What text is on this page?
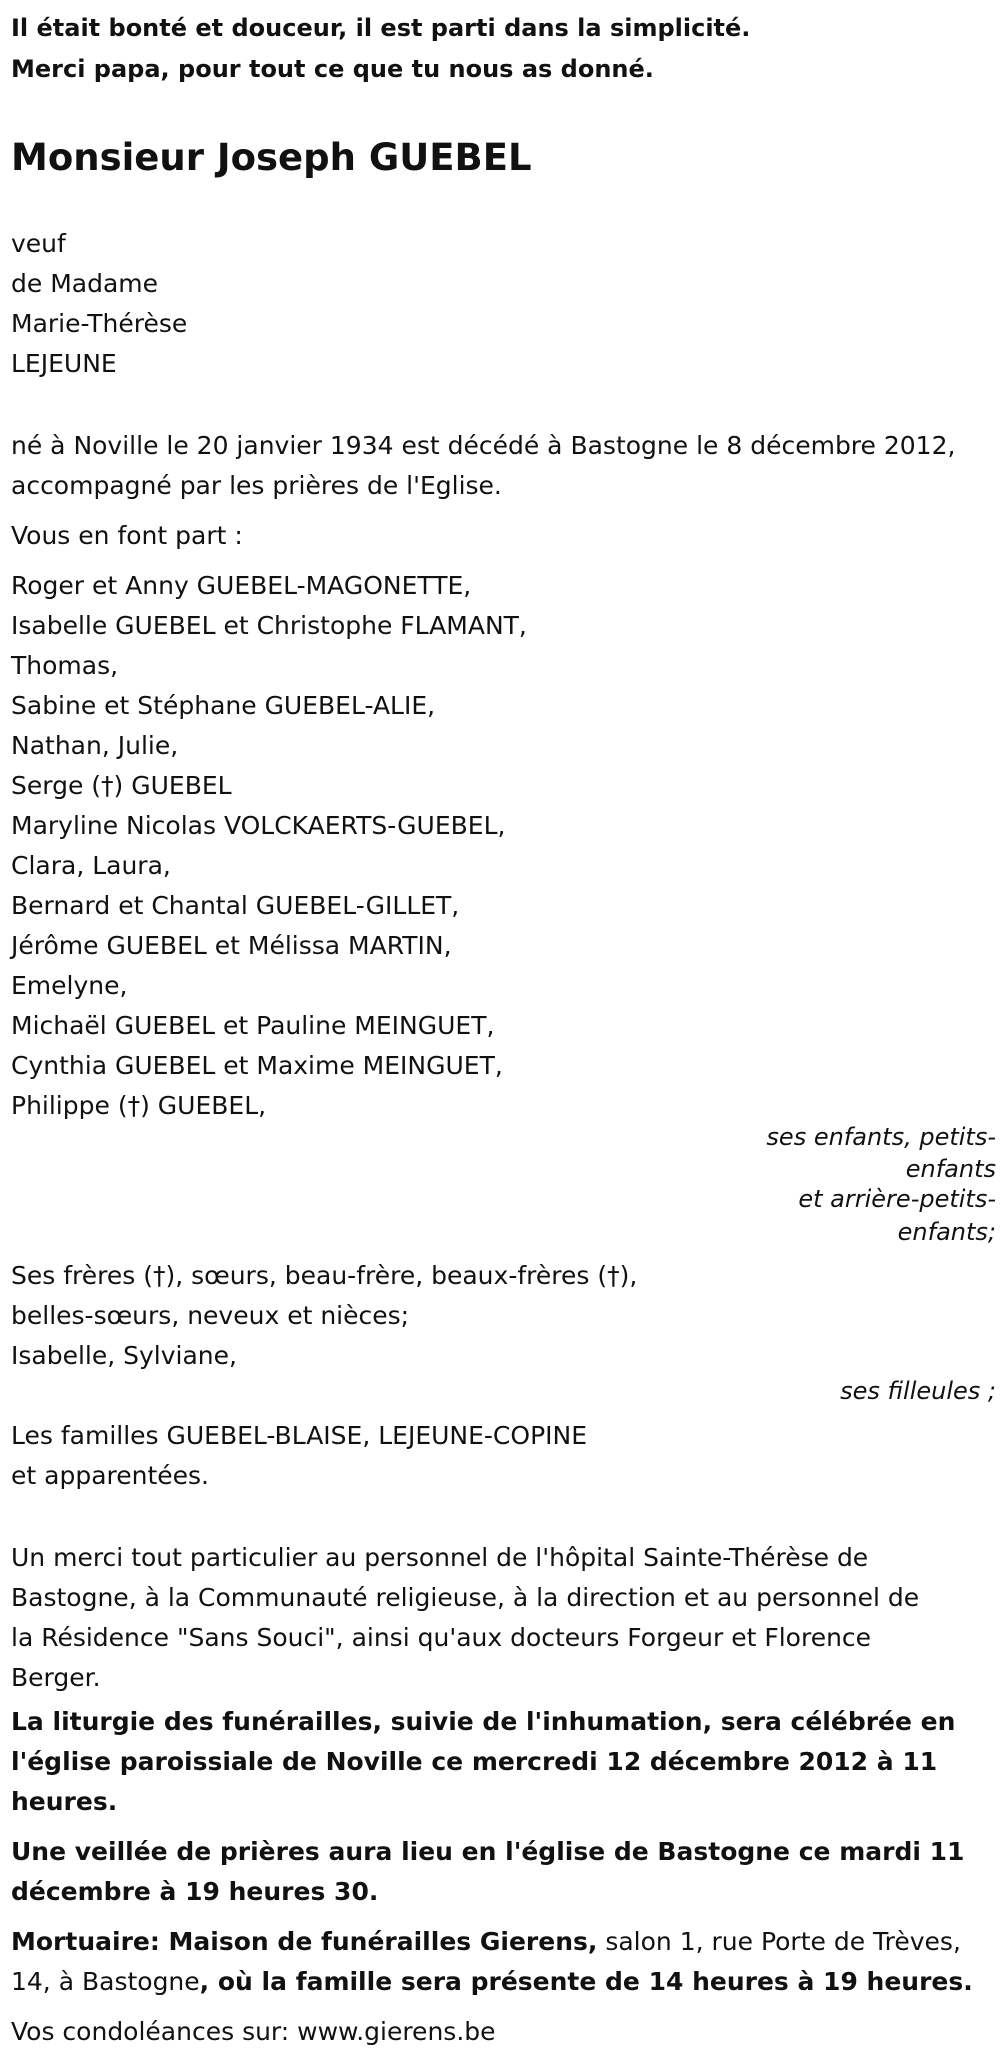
Il était bonté et douceur, il est parti dans la simplicité.
Merci papa, pour tout ce que tu nous as donné.
Monsieur Joseph GUEBEL
veuf
de Madame
Marie-Thérèse
LEJEUNE
né à Noville le 20 janvier 1934 est décédé à Bastogne le 8 décembre 2012,
accompagné par les prières de l'Eglise.
Vous en font part :
Roger et Anny GUEBEL-MAGONETTE,
Isabelle GUEBEL et Christophe FLAMANT,
Thomas,
Sabine et Stéphane GUEBEL-ALIE,
Nathan, Julie,
Serge (†) GUEBEL
Maryline Nicolas VOLCKAERTS-GUEBEL,
Clara, Laura,
Bernard et Chantal GUEBEL-GILLET,
Jérôme GUEBEL et Mélissa MARTIN,
Emelyne,
Michaël GUEBEL et Pauline MEINGUET,
Cynthia GUEBEL et Maxime MEINGUET,
Philippe (†) GUEBEL,
ses enfants, petits-
enfants
et arrière-petits-
enfants;
Ses frères (†), sœurs, beau-frère, beaux-frères (†),
belles-sœurs, neveux et nièces;
Isabelle, Sylviane,
ses filleules ;
Les familles GUEBEL-BLAISE, LEJEUNE-COPINE
et apparentées.
Un merci tout particulier au personnel de l'hôpital Sainte-Thérèse de
Bastogne, à la Communauté religieuse, à la direction et au personnel de
la Résidence "Sans Souci", ainsi qu'aux docteurs Forgeur et Florence
Berger.
La liturgie des funérailles, suivie de l'inhumation, sera célébrée en
l'église paroissiale de Noville ce mercredi 12 décembre 2012 à 11
heures.
Une veillée de prières aura lieu en l'église de Bastogne ce mardi 11
décembre à 19 heures 30.
Mortuaire: Maison de funérailles Gierens, salon 1, rue Porte de Trèves,
14, à Bastogne, où la famille sera présente de 14 heures à 19 heures.
Vos condoléances sur: www.gierens.be
